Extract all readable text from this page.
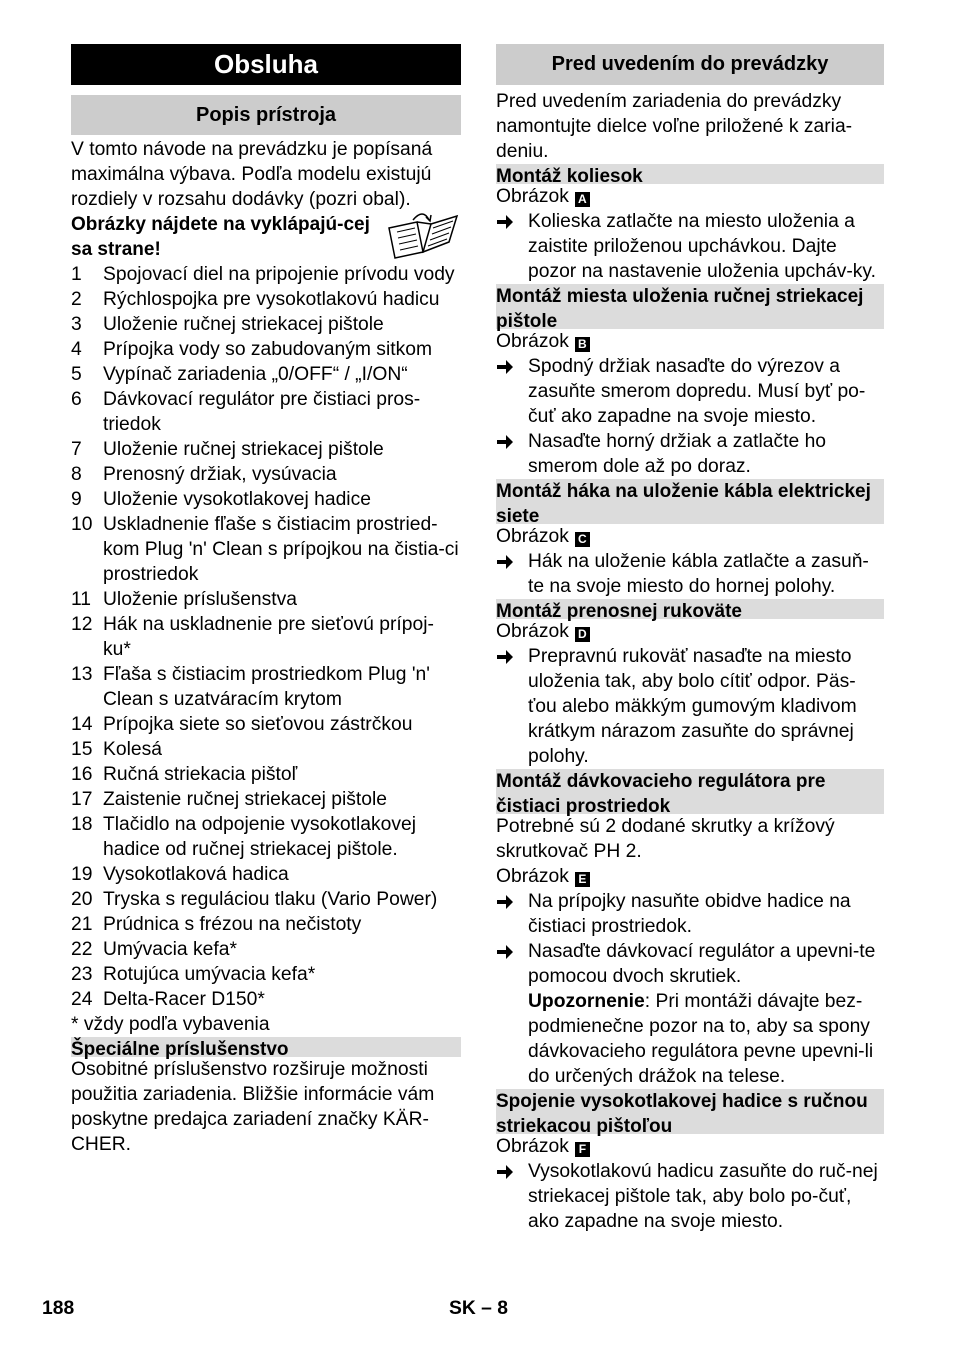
Obsluha
Popis prístroja

V tomto návode na prevádzku je popísaná maximálna výbava. Podľa modelu existujú rozdiely v rozsahu dodávky (pozri obal).

Obrázky nájdete na vyklápajú-cej sa strane!
1	Spojovací diel na pripojenie prívodu vody
2	Rýchlospojka pre vysokotlakovú hadicu
3	Uloženie ručnej striekacej pištole
4	Prípojka vody so zabudovaným sitkom
5	Vypínač zariadenia „0/OFF“ / „I/ON“
6	Dávkovací regulátor pre čistiaci pros-triedok
7	Uloženie ručnej striekacej pištole
8	Prenosný držiak, vysúvacia
9	Uloženie vysokotlakovej hadice
10 Uskladnenie fľaše s čistiacim prostried-kom Plug 'n' Clean s prípojkou na čistia-ci prostriedok
11 Uloženie príslušenstva
12 Hák na uskladnenie pre sieťovú prípoj-ku*
13 Fľaša s čistiacim prostriedkom Plug 'n' Clean s uzatváracím krytom
14 Prípojka siete so sieťovou zástrčkou
15 Kolesá
16 Ručná striekacia pištoľ
17 Zaistenie ručnej striekacej pištole
18 Tlačidlo na odpojenie vysokotlakovej hadice od ručnej striekacej pištole.
19 Vysokotlaková hadica
20 Tryska s reguláciou tlaku (Vario Power)
21 Prúdnica s frézou na nečistoty
22 Umývacia kefa*
23 Rotujúca umývacia kefa*
24 Delta-Racer D150*

* vždy podľa vybavenia

Špeciálne príslušenstvo

Osobitné príslušenstvo rozširuje možnosti použitia zariadenia. Bližšie informácie vám poskytne predajca zariadení značky KÄR-CHER.

Pred uvedením do prevádzky

Pred uvedením zariadenia do prevádzky namontujte dielce voľne priložené k zaria-deniu.

Montáž koliesok

Obrázok A

Kolieska zatlačte na miesto uloženia a zaistite priloženou upchávkou. Dajte pozor na nastavenie uloženia upcháv-ky.
Montáž miesta uloženia ručnej striekacej pištole

Obrázok B

Spodný držiak nasaďte do výrezov a zasuňte smerom dopredu. Musí byť po-čuť ako zapadne na svoje miesto.
Nasaďte horný držiak a zatlačte ho smerom dole až po doraz.
Montáž háka na uloženie kábla elektrickej siete

Obrázok C

Hák na uloženie kábla zatlačte a zasuň-te na svoje miesto do hornej polohy.
Montáž prenosnej rukoväte

Obrázok D

Prepravnú rukoväť nasaďte na miesto uloženia tak, aby bolo cítiť odpor. Päs-ťou alebo mäkkým gumovým kladivom krátkym nárazom zasuňte do správnej polohy.
Montáž dávkovacieho regulátora pre čistiaci prostriedok

Potrebné sú 2 dodané skrutky a krížový skrutkovač PH 2.

Obrázok E

Na prípojky nasuňte obidve hadice na čistiaci prostriedok.
Nasaďte dávkovací regulátor a upevni-te pomocou dvoch skrutiek.

Upozornenie: Pri montáži dávajte bez-podmienečne pozor na to, aby sa spony dávkovacieho regulátora pevne upevni-li do určených drážok na telese.

Spojenie vysokotlakovej hadice s ručnou striekacou pištoľou

Obrázok F

Vysokotlakovú hadicu zasuňte do ruč-nej striekacej pištole tak, aby bolo po-čuť, ako zapadne na svoje miesto.
188	SK – 8
